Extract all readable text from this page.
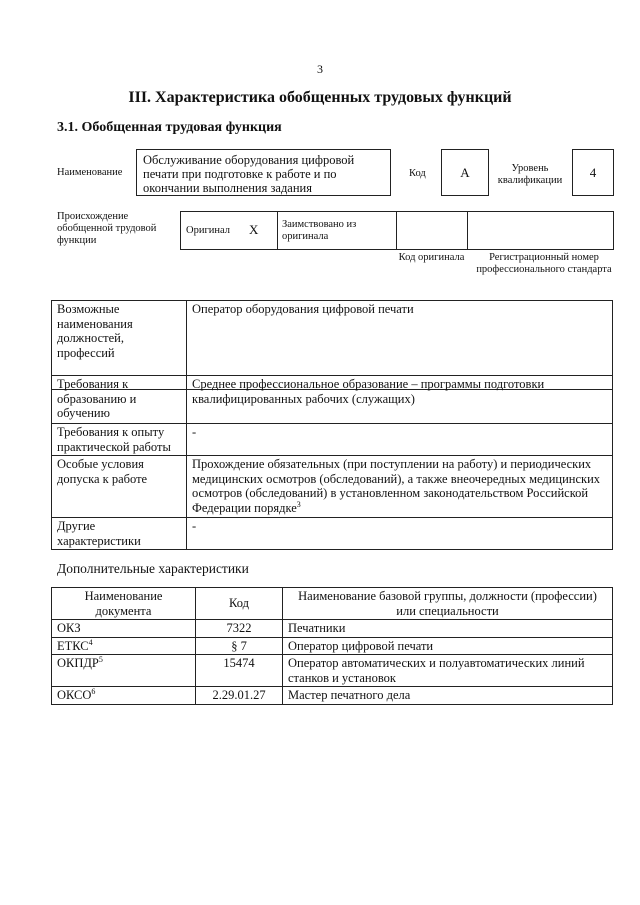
3
III. Характеристика обобщенных трудовых функций
3.1. Обобщенная трудовая функция
Наименование
Обслуживание оборудования цифровой печати при подготовке к работе и по окончании выполнения задания
Код	A	Уровень квалификации
4
Происхождение обобщенной трудовой функции
Оригинал X Заимствовано из оригинала
Код оригинала	Регистрационный номер профессионального стандарта
Возможные наименования должностей, профессий	Оператор оборудования цифровой печати
Требования к образованию и обучению	Среднее профессиональное образование – программы подготовки квалифицированных рабочих (служащих)
Требования к опыту практической работы	-
Особые условия допуска к работе	Прохождение обязательных (при поступлении на работу) и периодических медицинских осмотров (обследований), а также внеочередных медицинских осмотров (обследований) в установленном законодательством Российской Федерации порядке$^3$
Другие характеристики	-
Дополнительные характеристики
Наименование документа	Код	Наименование базовой группы, должности (профессии) или специальности
ОКЗ	7322	Печатники
ЕТКС$^4$	§ 7	Оператор цифровой печати
ОКПДР$^5$	15474	Оператор автоматических и полуавтоматических линий станков и установок
ОКСО$^6$	2.29.01.27	Мастер печатного дела
